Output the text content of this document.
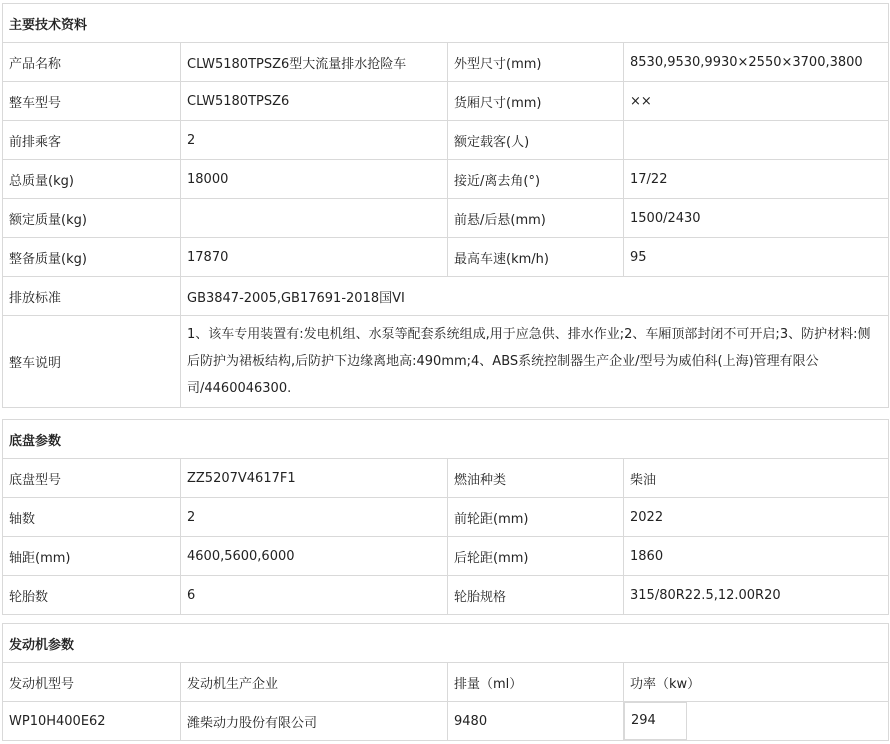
主要技术资料			
产品名称	CLW5180TPSZ6型大流量排水抢险车	外型尺寸(mm)	8530,9530,9930×2550×3700,3800
整车型号	CLW5180TPSZ6	货厢尺寸(mm)	××
前排乘客	2	额定载客(人)	
总质量(kg)	18000	接近/离去角(°)	17/22
额定质量(kg)		前悬/后悬(mm)	1500/2430
整备质量(kg)	17870	最高车速(km/h)	95
排放标准	GB3847-2005,GB17691-2018国VI		
整车说明	1、该车专用装置有:发电机组、水泵等配套系统组成,用于应急供、排水作业;2、车厢顶部封闭不可开启;3、防护材料:侧后防护为裙板结构,后防护下边缘离地高:490mm;4、ABS系统控制器生产企业/型号为威伯科(上海)管理有限公司/4460046300.		
底盘参数			
底盘型号	ZZ5207V4617F1	燃油种类	柴油
轴数	2	前轮距(mm)	2022
轴距(mm)	4600,5600,6000	后轮距(mm)	1860
轮胎数	6	轮胎规格	315/80R22.5,12.00R20
发动机参数			
发动机型号	发动机生产企业	排量（ml）	功率（kw）
WP10H400E62	潍柴动力股份有限公司	9480	294
